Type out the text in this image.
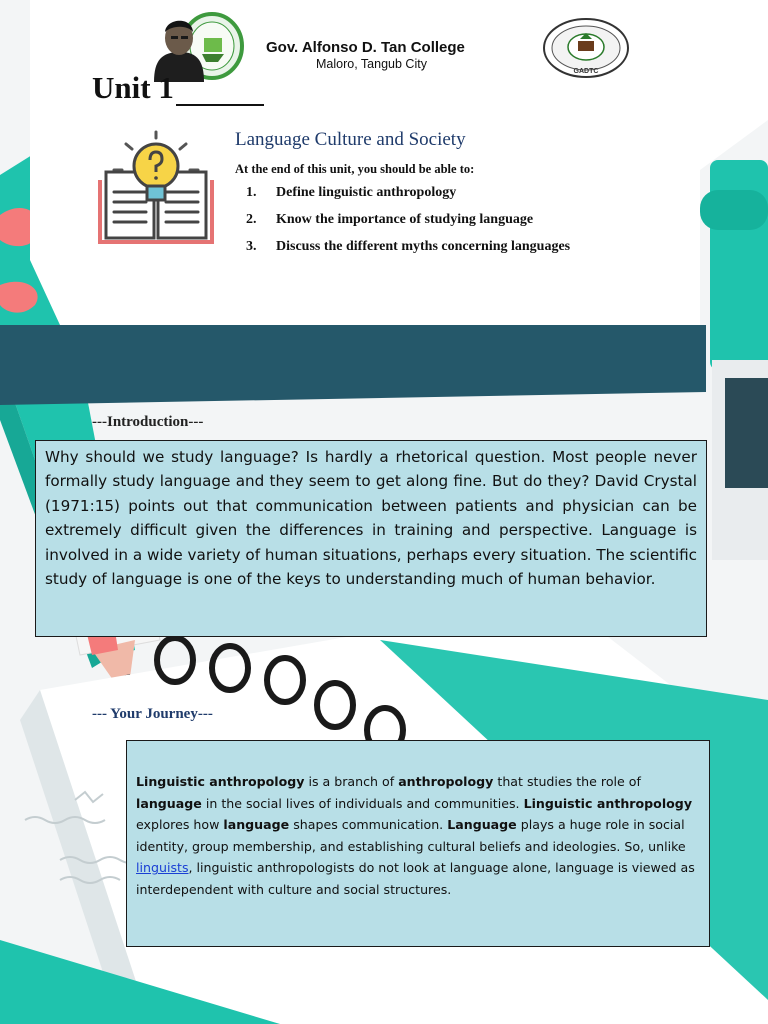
GADTC
Gov. Alfonso D. Tan College
Maloro, Tangub City
Unit 1
Language Culture and Society
At the end of this unit, you should be able to:
1. Define linguistic anthropology
2. Know the importance of studying language
3. Discuss the different myths concerning languages
---Introduction---
Why should we study language? Is hardly a rhetorical question. Most people never formally study language and they seem to get along fine. But do they? David Crystal (1971:15) points out that communication between patients and physician can be extremely difficult given the differences in training and perspective. Language is involved in a wide variety of human situations, perhaps every situation. The scientific study of language is one of the keys to understanding much of human behavior.
--- Your Journey---
Linguistic anthropology is a branch of anthropology that studies the role of language in the social lives of individuals and communities. Linguistic anthropology explores how language shapes communication. Language plays a huge role in social identity, group membership, and establishing cultural beliefs and ideologies. So, unlike linguists, linguistic anthropologists do not look at language alone, language is viewed as interdependent with culture and social structures.
